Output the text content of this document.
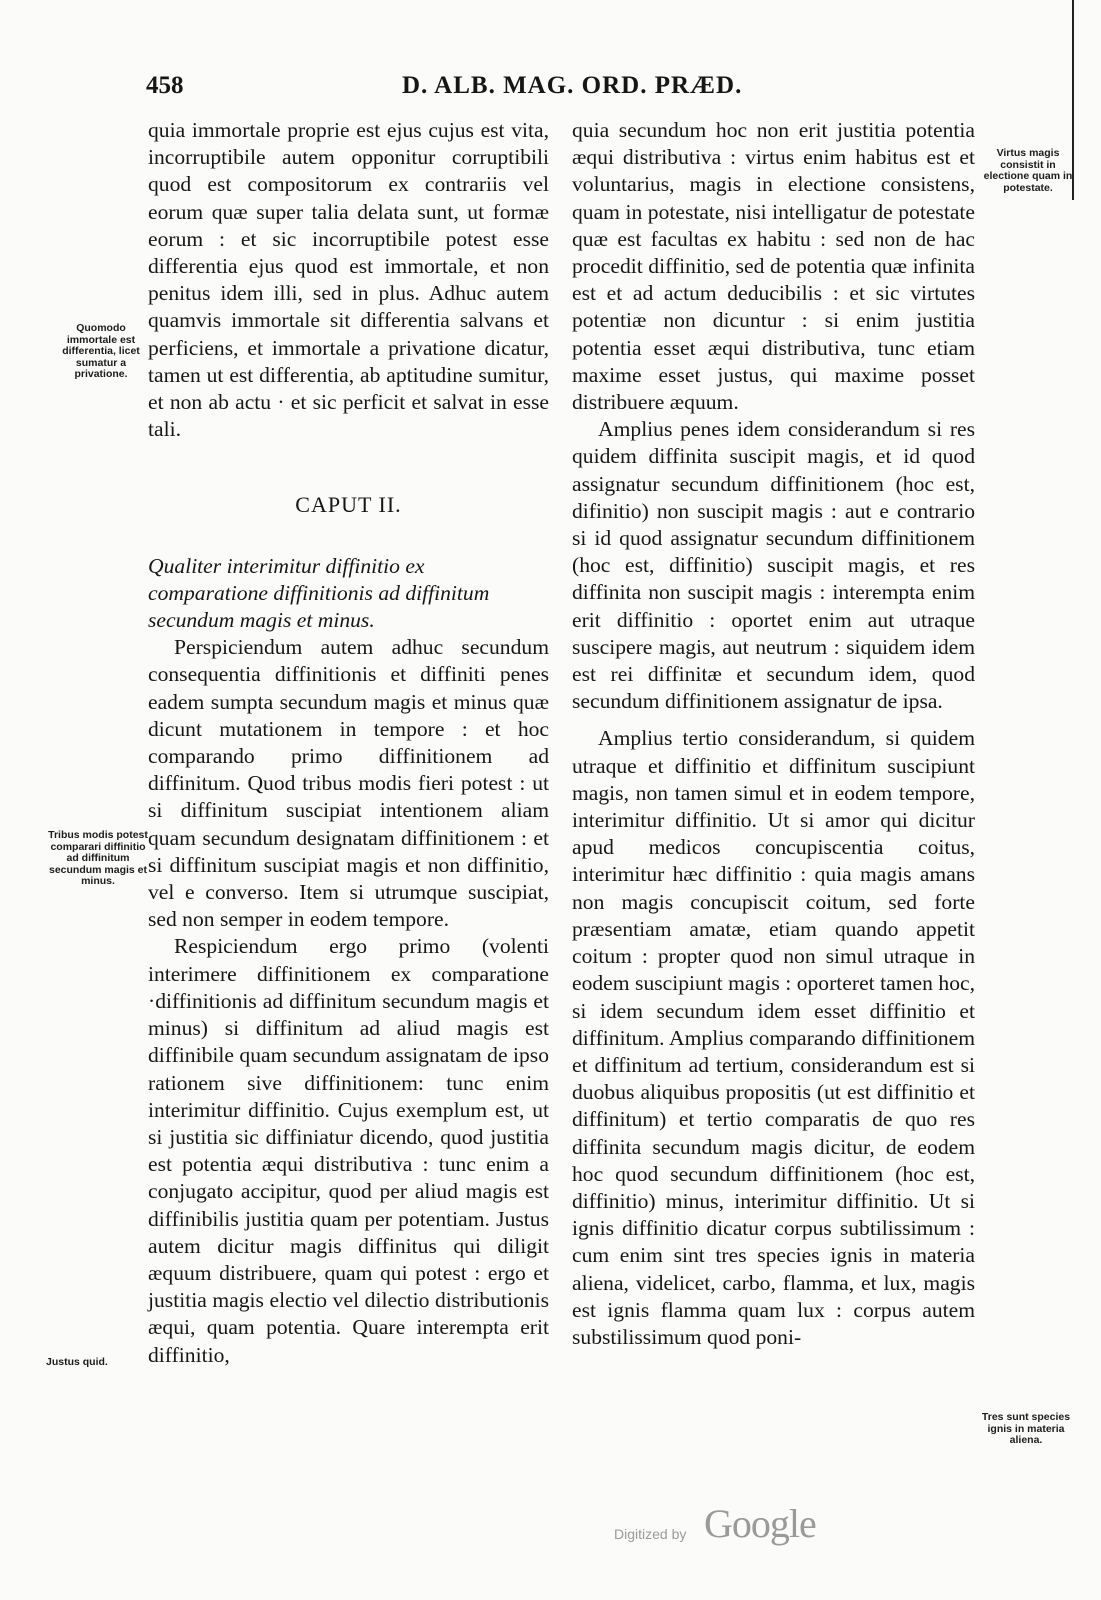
458	D. ALB. MAG. ORD. PRÆD.

quia immortale proprie est ejus cujus est vita, incorruptibile autem opponitur corruptibili quod est compositorum ex contrariis vel eorum quæ super talia delata sunt, ut formæ eorum : et sic incorruptibile potest esse differentia ejus quod est immortale, et non penitus idem illi, sed in plus. Adhuc autem quamvis immortale sit differentia salvans et perficiens, et immortale a privatione dicatur, tamen ut est differentia, ab aptitudine sumitur, et non ab actu · et sic perficit et salvat in esse tali.

CAPUT II.

Qualiter interimitur diffinitio ex comparatione diffinitionis ad diffinitum secundum magis et minus.

Perspiciendum autem adhuc secundum consequentia diffinitionis et diffiniti penes eadem sumpta secundum magis et minus quæ dicunt mutationem in tempore : et hoc comparando primo diffinitionem ad diffinitum. Quod tribus modis fieri potest : ut si diffinitum suscipiat intentionem aliam quam secundum designatam diffinitionem : et si diffinitum suscipiat magis et non diffinitio, vel e converso. Item si utrumque suscipiat, sed non semper in eodem tempore.

Respiciendum ergo primo (volenti interimere diffinitionem ex comparatione ·diffinitionis ad diffinitum secundum magis et minus) si diffinitum ad aliud magis est diffinibile quam secundum assignatam de ipso rationem sive diffinitionem: tunc enim interimitur diffinitio. Cujus exemplum est, ut si justitia sic diffiniatur dicendo, quod justitia est potentia æqui distributiva : tunc enim a conjugato accipitur, quod per aliud magis est diffinibilis justitia quam per potentiam. Justus autem dicitur magis diffinitus qui diligit æquum distribuere, quam qui potest : ergo et justitia magis electio vel dilectio distributionis æqui, quam potentia. Quare interempta erit diffinitio,

quia secundum hoc non erit justitia potentia æqui distributiva : virtus enim habitus est et voluntarius, magis in electione consistens, quam in potestate, nisi intelligatur de potestate quæ est facultas ex habitu : sed non de hac procedit diffinitio, sed de potentia quæ infinita est et ad actum deducibilis : et sic virtutes potentiæ non dicuntur : si enim justitia potentia esset æqui distributiva, tunc etiam maxime esset justus, qui maxime posset distribuere æquum.

Amplius penes idem considerandum si res quidem diffinita suscipit magis, et id quod assignatur secundum diffinitionem (hoc est, difinitio) non suscipit magis : aut e contrario si id quod assignatur secundum diffinitionem (hoc est, diffinitio) suscipit magis, et res diffinita non suscipit magis : interempta enim erit diffinitio : oportet enim aut utraque suscipere magis, aut neutrum : siquidem idem est rei diffinitæ et secundum idem, quod secundum diffinitionem assignatur de ipsa.

Amplius tertio considerandum, si quidem utraque et diffinitio et diffinitum suscipiunt magis, non tamen simul et in eodem tempore, interimitur diffinitio. Ut si amor qui dicitur apud medicos concupiscentia coitus, interimitur hæc diffinitio : quia magis amans non magis concupiscit coitum, sed forte præsentiam amatæ, etiam quando appetit coitum : propter quod non simul utraque in eodem suscipiunt magis : oporteret tamen hoc, si idem secundum idem esset diffinitio et diffinitum. Amplius comparando diffinitionem et diffinitum ad tertium, considerandum est si duobus aliquibus propositis (ut est diffinitio et diffinitum) et tertio comparatis de quo res diffinita secundum magis dicitur, de eodem hoc quod secundum diffinitionem (hoc est, diffinitio) minus, interimitur diffinitio. Ut si ignis diffinitio dicatur corpus subtilissimum : cum enim sint tres species ignis in materia aliena, videlicet, carbo, flamma, et lux, magis est ignis flamma quam lux : corpus autem substilissimum quod poni-

Quomodo immortale est differentia, licet sumatur a privatione.
Tribus modis potest comparari diffinitio ad diffinitum secundum magis et minus.
Justus quid.
Virtus magis consistit in electione quam in potestate.
Tres sunt species ignis in materia aliena.
Digitized by Google
